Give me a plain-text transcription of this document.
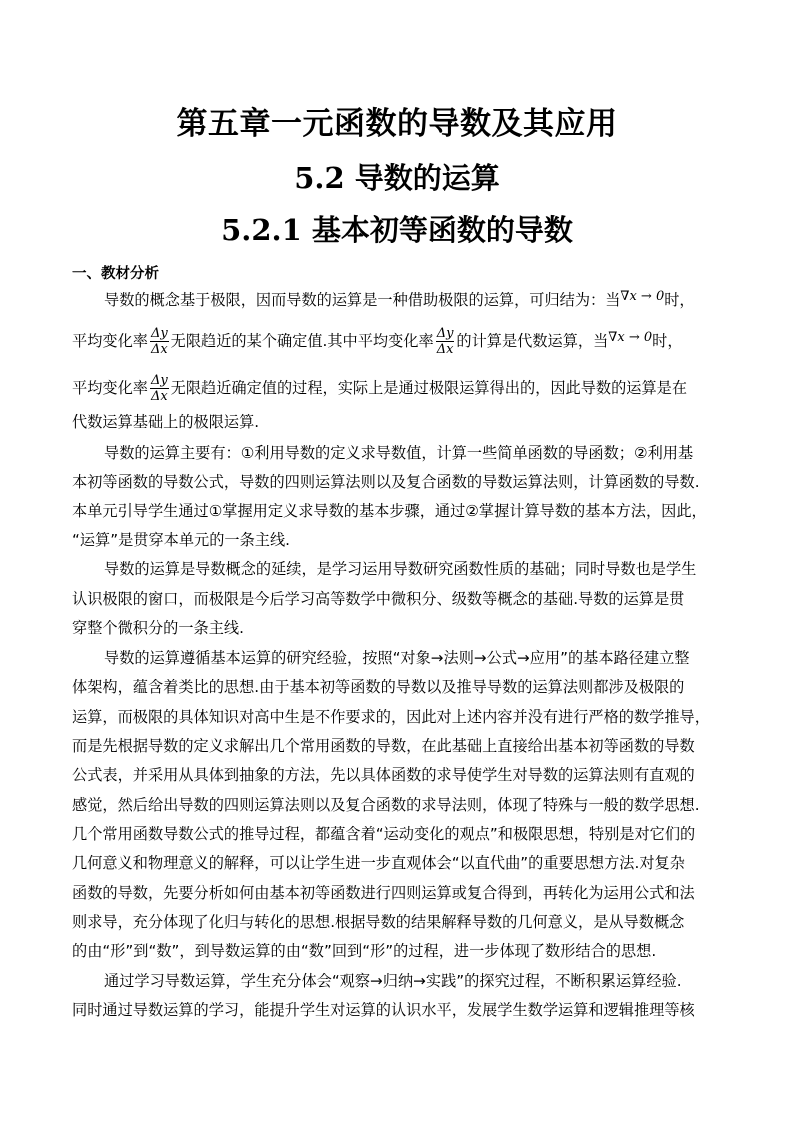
第五章一元函数的导数及其应用
5.2 导数的运算
5.2.1 基本初等函数的导数
一、教材分析
导数的概念基于极限，因而导数的运算是一种借助极限的运算，可归结为：当∇x → 0时，
平均变化率 $\frac{\Delta y}{\Delta x}$ 无限趋近的某个确定值.其中平均变化率 $\frac{\Delta y}{\Delta x}$ 的计算是代数运算，当∇x → 0时，
平均变化率 $\frac{\Delta y}{\Delta x}$ 无限趋近确定值的过程，实际上是通过极限运算得出的，因此导数的运算是在
代数运算基础上的极限运算.
导数的运算主要有：①利用导数的定义求导数值，计算一些简单函数的导函数；②利用基
本初等函数的导数公式，导数的四则运算法则以及复合函数的导数运算法则，计算函数的导数.
本单元引导学生通过①掌握用定义求导数的基本步骤，通过②掌握计算导数的基本方法，因此，
“运算”是贯穿本单元的一条主线.
导数的运算是导数概念的延续，是学习运用导数研究函数性质的基础；同时导数也是学生
认识极限的窗口，而极限是今后学习高等数学中微积分、级数等概念的基础.导数的运算是贯
穿整个微积分的一条主线.
导数的运算遵循基本运算的研究经验，按照“对象→法则→公式→应用”的基本路径建立整
体架构，蕴含着类比的思想.由于基本初等函数的导数以及推导导数的运算法则都涉及极限的
运算，而极限的具体知识对高中生是不作要求的，因此对上述内容并没有进行严格的数学推导，
而是先根据导数的定义求解出几个常用函数的导数，在此基础上直接给出基本初等函数的导数
公式表，并采用从具体到抽象的方法，先以具体函数的求导使学生对导数的运算法则有直观的
感觉，然后给出导数的四则运算法则以及复合函数的求导法则，体现了特殊与一般的数学思想.
几个常用函数导数公式的推导过程，都蕴含着“运动变化的观点”和极限思想，特别是对它们的
几何意义和物理意义的解释，可以让学生进一步直观体会“以直代曲”的重要思想方法.对复杂
函数的导数，先要分析如何由基本初等函数进行四则运算或复合得到，再转化为运用公式和法
则求导，充分体现了化归与转化的思想.根据导数的结果解释导数的几何意义，是从导数概念
的由“形”到“数”，到导数运算的由“数”回到“形”的过程，进一步体现了数形结合的思想.
通过学习导数运算，学生充分体会“观察→归纳→实践”的探究过程，不断积累运算经验.
同时通过导数运算的学习，能提升学生对运算的认识水平，发展学生数学运算和逻辑推理等核
